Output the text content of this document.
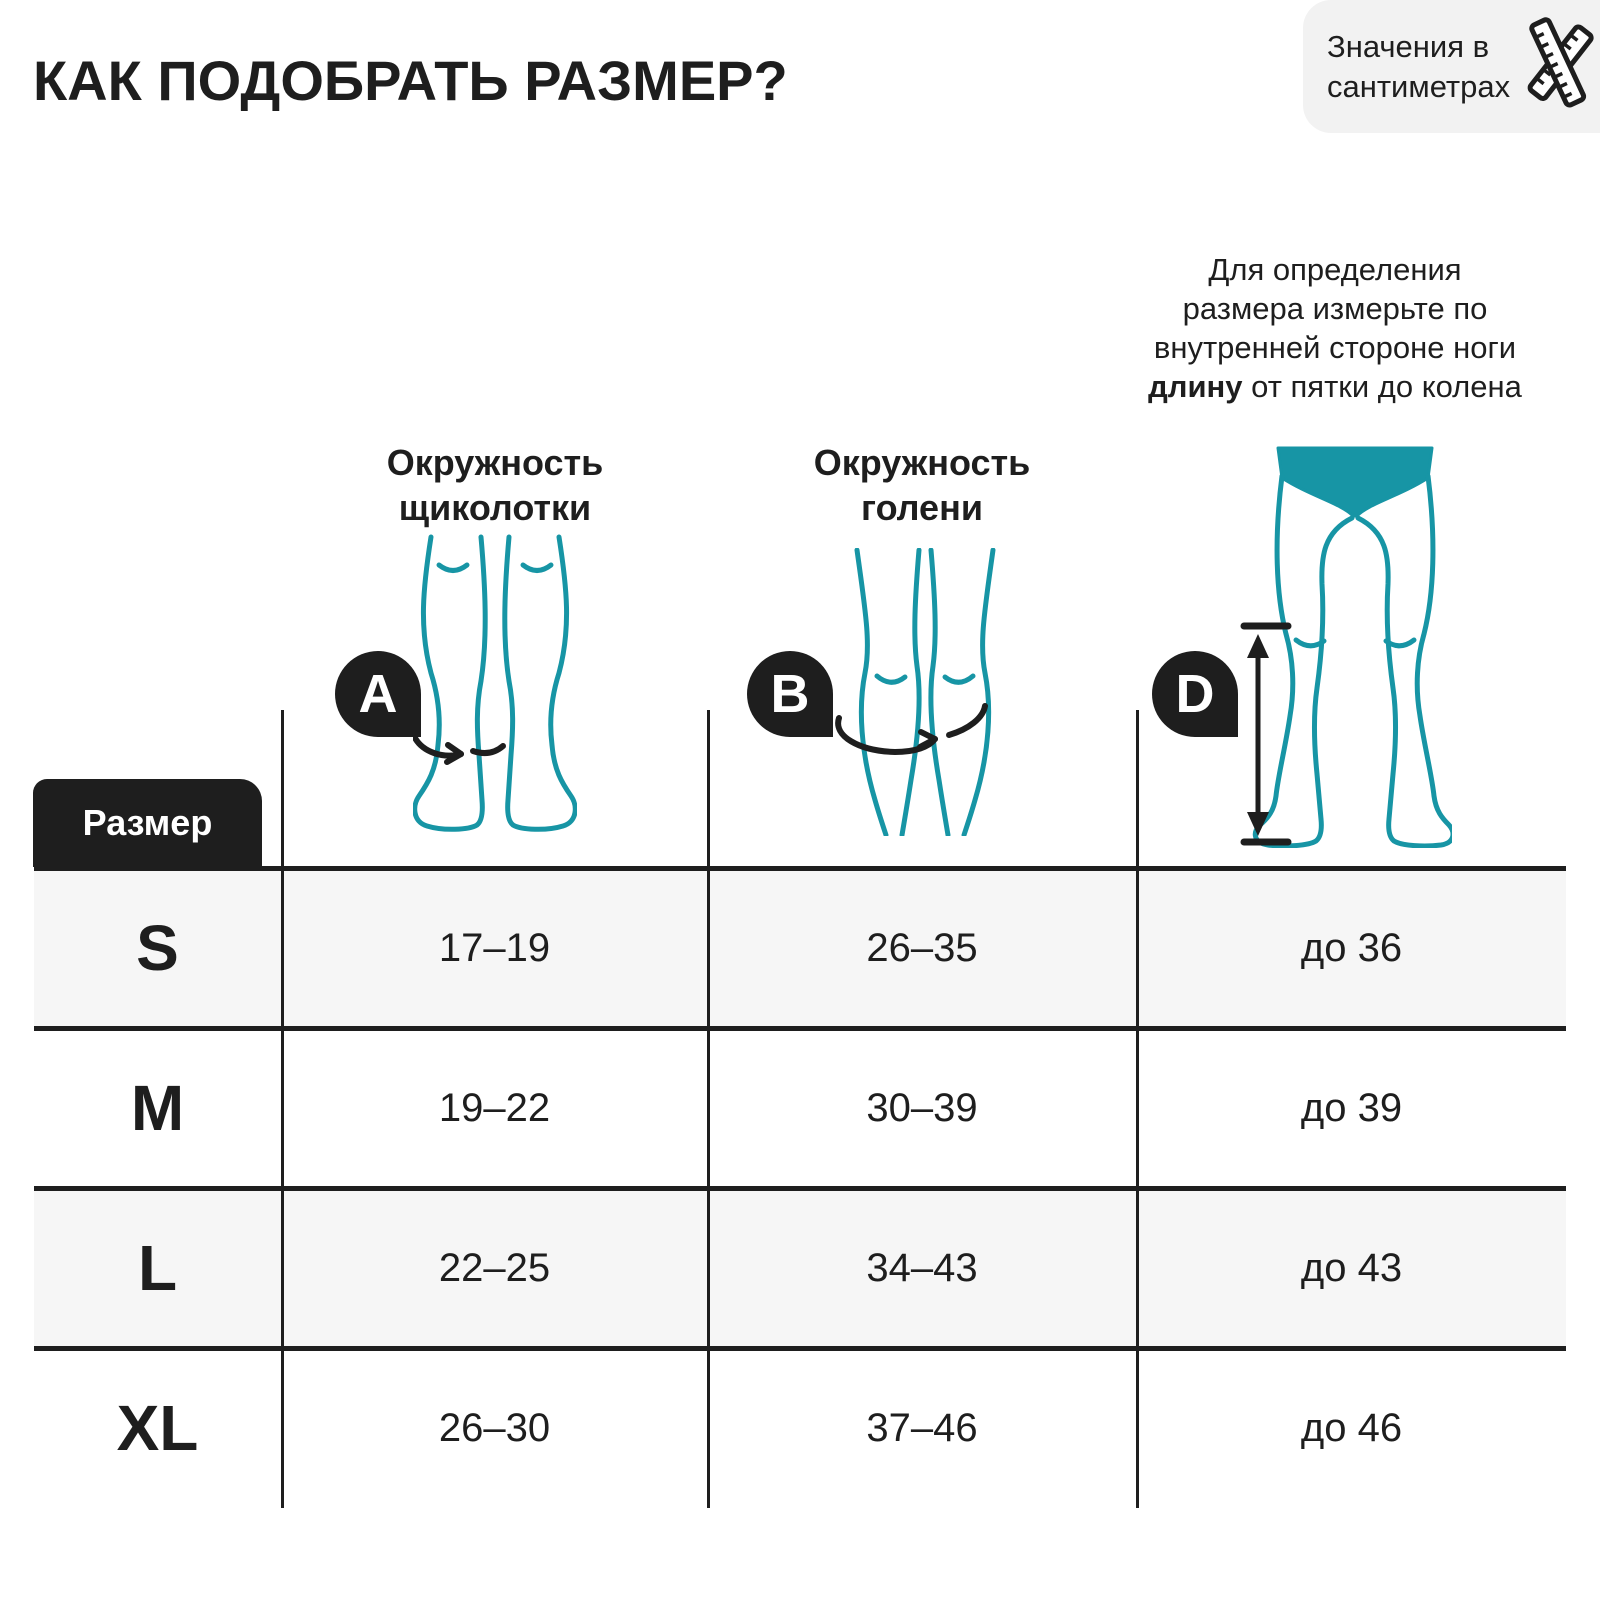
КАК ПОДОБРАТЬ РАЗМЕР?
Значения в
сантиметрах
Для определения
размера измерьте по
внутренней стороне ноги
длину от пятки до колена
Окружность
щиколотки
Окружность
голени
A	B	D
Размер
S	17–19	26–35	до 36
M	19–22	30–39	до 39
L	22–25	34–43	до 43
XL	26–30	37–46	до 46
